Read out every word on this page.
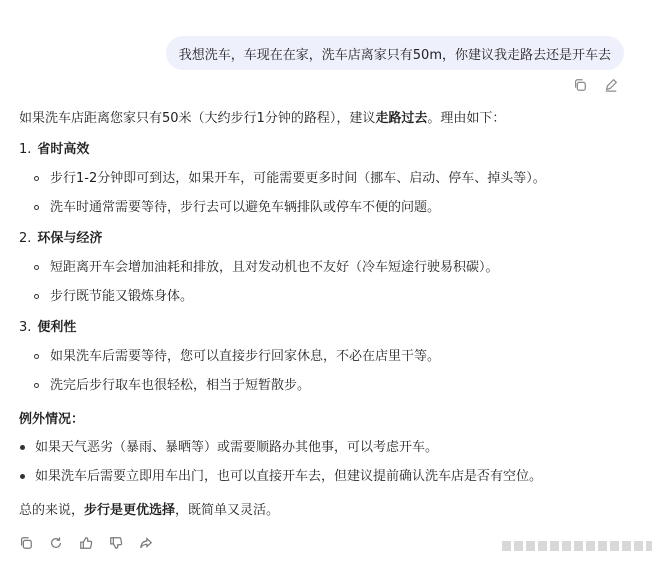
我想洗车，车现在在家，洗车店离家只有50m，你建议我走路去还是开车去

如果洗车店距离您家只有50米（大约步行1分钟的路程），建议走路过去。理由如下：

1. 省时高效
步行1-2分钟即可到达，如果开车，可能需要更多时间（挪车、启动、停车、掉头等）。
洗车时通常需要等待，步行去可以避免车辆排队或停车不便的问题。
2. 环保与经济
短距离开车会增加油耗和排放，且对发动机也不友好（冷车短途行驶易积碳）。
步行既节能又锻炼身体。
3. 便利性
如果洗车后需要等待，您可以直接步行回家休息，不必在店里干等。
洗完后步行取车也很轻松，相当于短暂散步。

例外情况：

如果天气恶劣（暴雨、暴晒等）或需要顺路办其他事，可以考虑开车。
如果洗车后需要立即用车出门，也可以直接开车去，但建议提前确认洗车店是否有空位。

总的来说，步行是更优选择，既简单又灵活。
